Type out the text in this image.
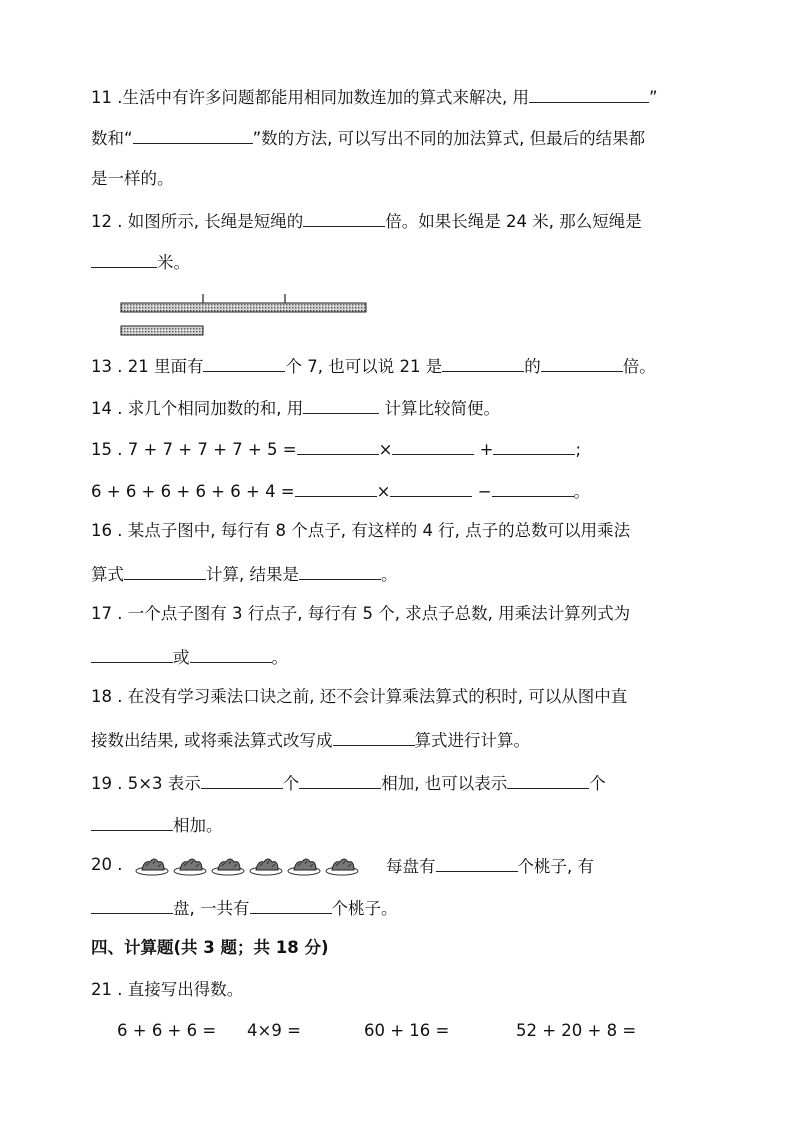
11 .生活中有许多问题都能用相同加数连加的算式来解决, 用	”
数和“	”数的方法, 可以写出不同的加法算式, 但最后的结果都
是一样的。
12 . 如图所示, 长绳是短绳的	倍。如果长绳是 24 米, 那么短绳是
米。
13 . 21 里面有	个 7, 也可以说 21 是	的	倍。
14 . 求几个相同加数的和, 用	计算比较简便。
15 . 7 + 7 + 7 + 7 + 5 =	×	+	;
6 + 6 + 6 + 6 + 6 + 4 =	×	−	。
16 . 某点子图中, 每行有 8 个点子, 有这样的 4 行, 点子的总数可以用乘法
算式	计算, 结果是	。
17 . 一个点子图有 3 行点子, 每行有 5 个, 求点子总数, 用乘法计算列式为
或	。
18 . 在没有学习乘法口诀之前, 还不会计算乘法算式的积时, 可以从图中直
接数出结果, 或将乘法算式改写成	算式进行计算。
19 . 5×3 表示	个	相加, 也可以表示	个
相加。
20 .	每盘有	个桃子, 有
盘, 一共有	个桃子。
四、计算题(共 3 题；共 18 分)
21 . 直接写出得数。
6 + 6 + 6 = 4×9 =	60 + 16 =	52 + 20 + 8 =
